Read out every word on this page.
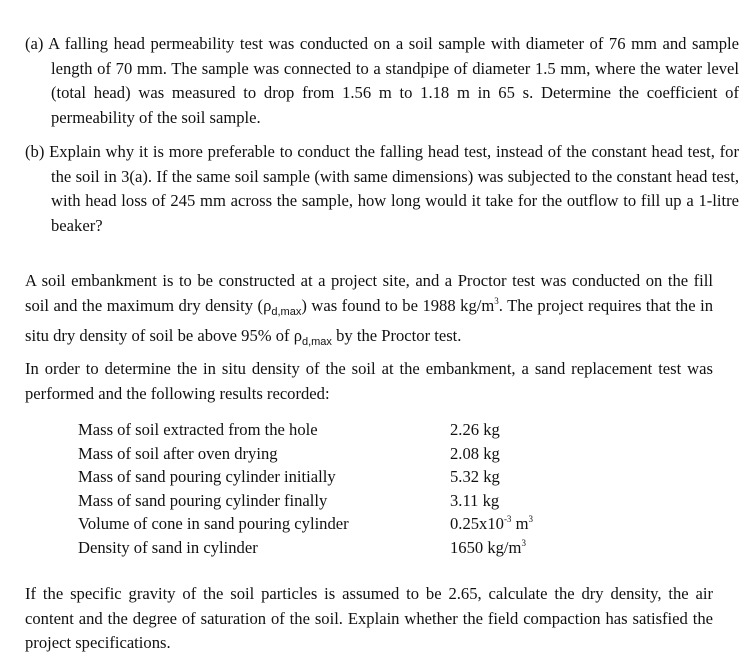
(a) A falling head permeability test was conducted on a soil sample with diameter of 76 mm and sample length of 70 mm. The sample was connected to a standpipe of diameter 1.5 mm, where the water level (total head) was measured to drop from 1.56 m to 1.18 m in 65 s. Determine the coefficient of permeability of the soil sample.
(b) Explain why it is more preferable to conduct the falling head test, instead of the constant head test, for the soil in 3(a). If the same soil sample (with same dimensions) was subjected to the constant head test, with head loss of 245 mm across the sample, how long would it take for the outflow to fill up a 1-litre beaker?
A soil embankment is to be constructed at a project site, and a Proctor test was conducted on the fill soil and the maximum dry density $(\rho_{d,max})$ was found to be 1988 $kg/m^3$. The project requires that the in situ dry density of soil be above 95% of $\rho_{d,max}$ by the Proctor test.
In order to determine the in situ density of the soil at the embankment, a sand replacement test was performed and the following results recorded:
Mass of soil extracted from the hole	2.26 kg
Mass of soil after oven drying	2.08 kg
Mass of sand pouring cylinder initially	5.32 kg
Mass of sand pouring cylinder finally	3.11 kg
Volume of cone in sand pouring cylinder	$0.25x10^{-3}$ $m^3$
Density of sand in cylinder	1650 $kg/m^3$
If the specific gravity of the soil particles is assumed to be 2.65, calculate the dry density, the air content and the degree of saturation of the soil. Explain whether the field compaction has satisfied the project specifications.
